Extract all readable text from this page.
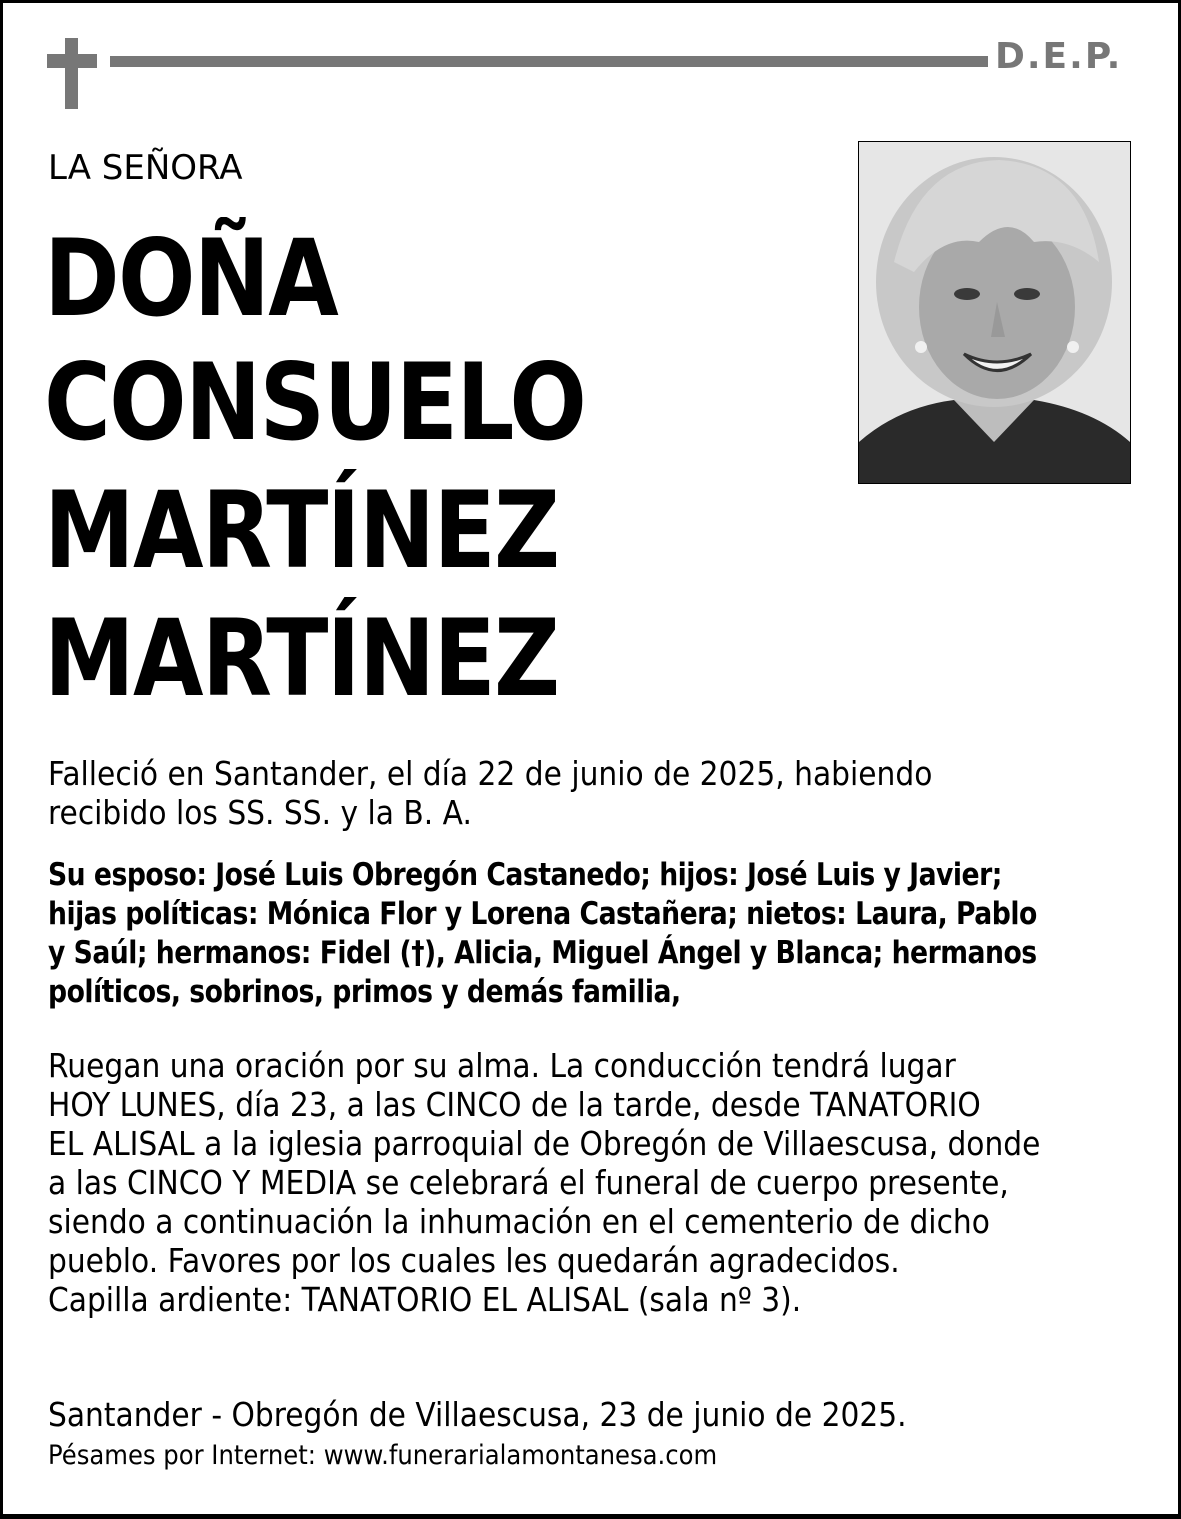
D.E.P.
LA SEÑORA
DOÑA
CONSUELO
MARTÍNEZ
MARTÍNEZ
Falleció en Santander, el día 22 de junio de 2025, habiendo
recibido los SS. SS. y la B. A.
Su esposo: José Luis Obregón Castanedo; hijos: José Luis y Javier;
hijas políticas: Mónica Flor y Lorena Castañera; nietos: Laura, Pablo
y Saúl; hermanos: Fidel (†), Alicia, Miguel Ángel y Blanca; hermanos
políticos, sobrinos, primos y demás familia,
Ruegan una oración por su alma. La conducción tendrá lugar
HOY LUNES, día 23, a las CINCO de la tarde, desde TANATORIO
EL ALISAL a la iglesia parroquial de Obregón de Villaescusa, donde
a las CINCO Y MEDIA se celebrará el funeral de cuerpo presente,
siendo a continuación la inhumación en el cementerio de dicho
pueblo. Favores por los cuales les quedarán agradecidos.
Capilla ardiente: TANATORIO EL ALISAL (sala nº 3).
Santander - Obregón de Villaescusa, 23 de junio de 2025.
Pésames por Internet: www.funerarialamontanesa.com
